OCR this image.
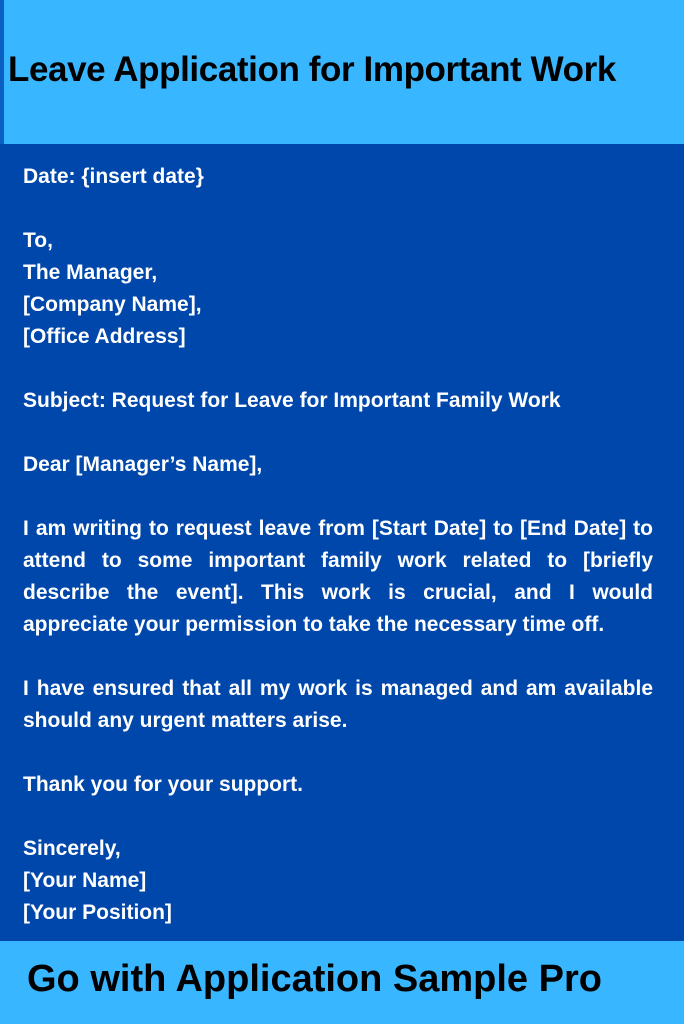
Leave Application for Important Work

Date: {insert date}

To,
The Manager,
[Company Name],
[Office Address]

Subject: Request for Leave for Important Family Work

Dear [Manager’s Name],

I am writing to request leave from [Start Date] to [End Date] to attend to some important family work related to [briefly describe the event]. This work is crucial, and I would appreciate your permission to take the necessary time off.

I have ensured that all my work is managed and am available should any urgent matters arise.

Thank you for your support.

Sincerely,
[Your Name]
[Your Position]

Go with Application Sample Pro
